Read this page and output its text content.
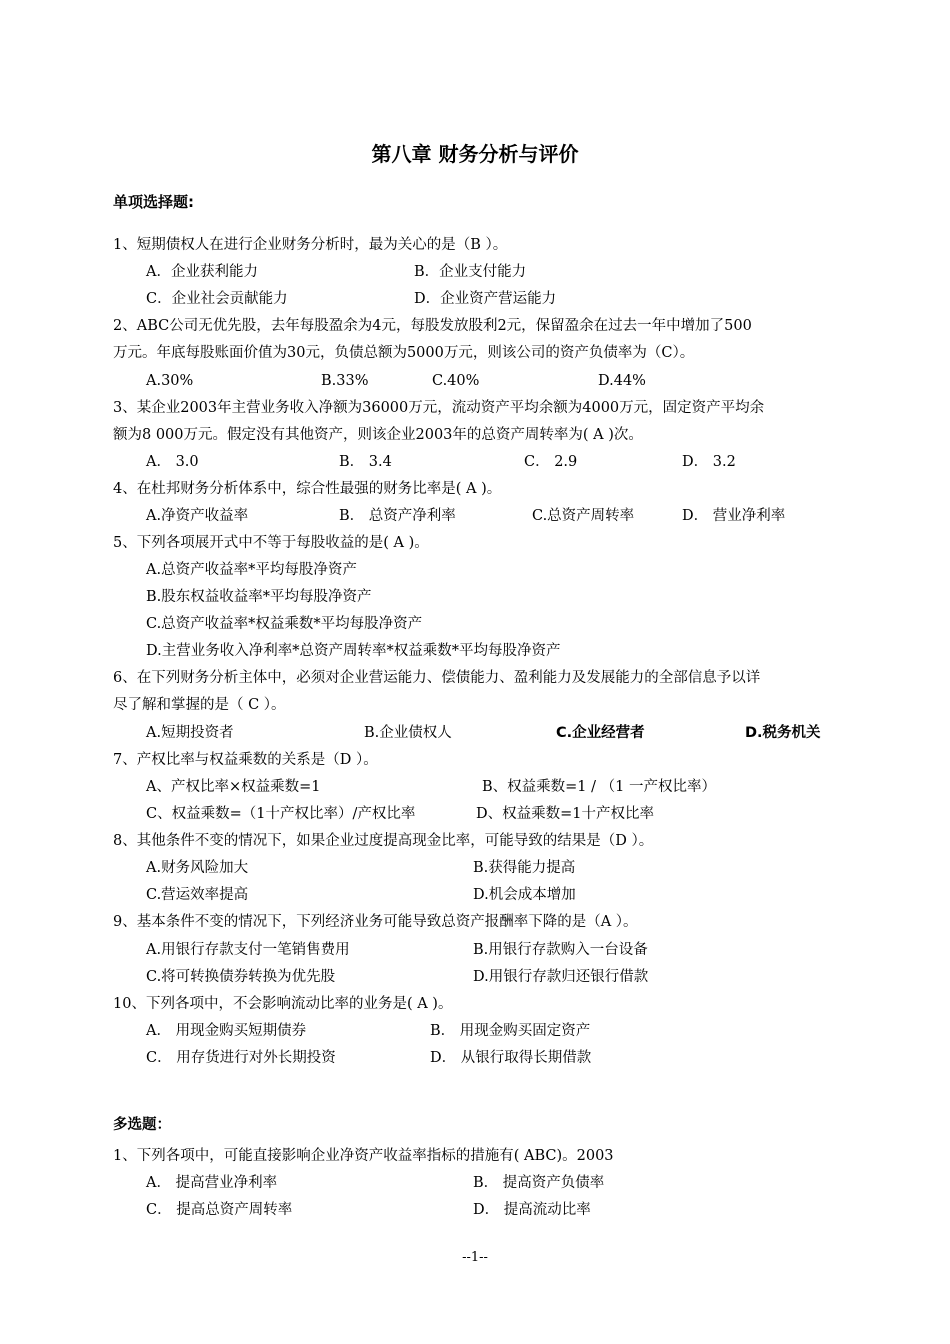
第八章 财务分析与评价
单项选择题:
1、短期债权人在进行企业财务分析时，最为关心的是（B ）。
A．企业获利能力	B．企业支付能力
C．企业社会贡献能力	D．企业资产营运能力
2、ABC公司无优先股，去年每股盈余为4元，每股发放股利2元，保留盈余在过去一年中增加了500
万元。年底每股账面价值为30元，负债总额为5000万元，则该公司的资产负债率为（C）。
A.30%	B.33%	C.40%	D.44%
3、某企业2003年主营业务收入净额为36000万元，流动资产平均余额为4000万元，固定资产平均余
额为8 000万元。假定没有其他资产，则该企业2003年的总资产周转率为( A )次。
A． 3.0	B． 3.4	C． 2.9	D． 3.2
4、在杜邦财务分析体系中，综合性最强的财务比率是( A )。
A.净资产收益率	B． 总资产净利率	C.总资产周转率	D． 营业净利率
5、下列各项展开式中不等于每股收益的是( A )。
A.总资产收益率*平均每股净资产
B.股东权益收益率*平均每股净资产
C.总资产收益率*权益乘数*平均每股净资产
D.主营业务收入净利率*总资产周转率*权益乘数*平均每股净资产
6、在下列财务分析主体中，必须对企业营运能力、偿债能力、盈利能力及发展能力的全部信息予以详
尽了解和掌握的是（ C ）。
A.短期投资者	B.企业债权人	C.企业经营者	D.税务机关
7、产权比率与权益乘数的关系是（D ）。
A、产权比率×权益乘数=1	B、权益乘数=1 / （1 一产权比率）
C、权益乘数=（1十产权比率）/产权比率	D、权益乘数=1十产权比率
8、其他条件不变的情况下，如果企业过度提高现金比率，可能导致的结果是（D ）。
A.财务风险加大	B.获得能力提高
C.营运效率提高	D.机会成本增加
9、基本条件不变的情况下，下列经济业务可能导致总资产报酬率下降的是（A ）。
A.用银行存款支付一笔销售费用	B.用银行存款购入一台设备
C.将可转换债券转换为优先股	D.用银行存款归还银行借款
10、下列各项中，不会影响流动比率的业务是( A )。
A． 用现金购买短期债券	B． 用现金购买固定资产
C． 用存货进行对外长期投资	D． 从银行取得长期借款
多选题：
1、下列各项中，可能直接影响企业净资产收益率指标的措施有( ABC)。2003
A． 提高营业净利率	B． 提高资产负债率
C． 提高总资产周转率	D． 提高流动比率
--1--
